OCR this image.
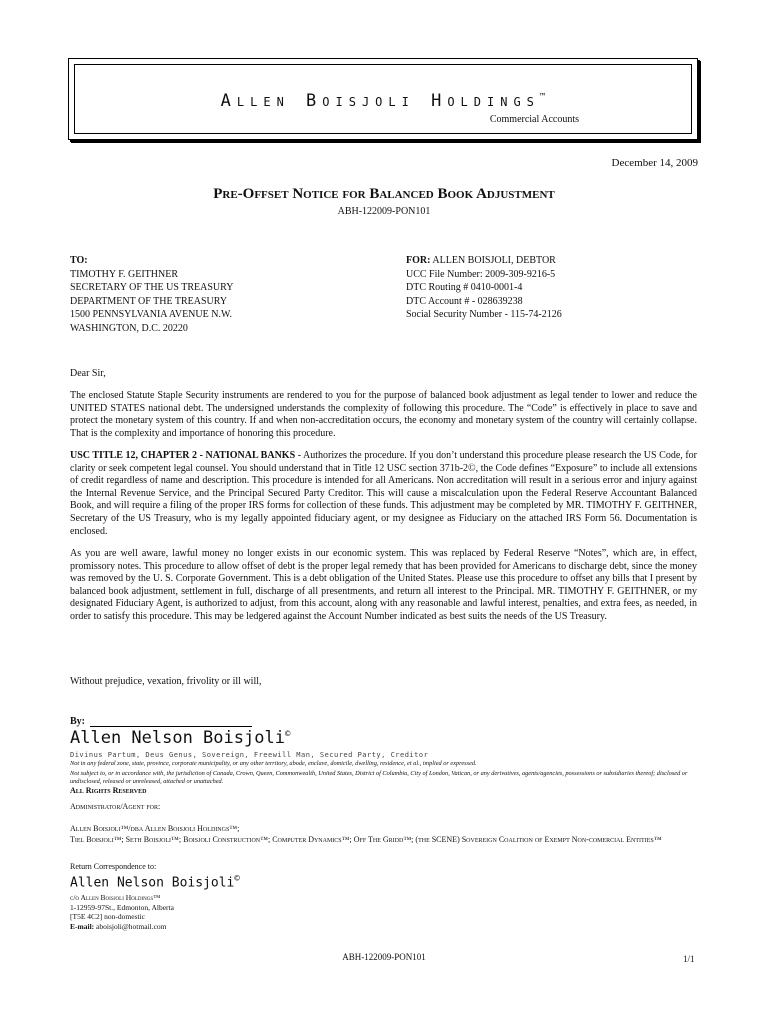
Allen Boisjoli Holdings™
Commercial Accounts
December 14, 2009
Pre-Offset Notice for Balanced Book Adjustment
ABH-122009-PON101
TO:
TIMOTHY F. GEITHNER
SECRETARY OF THE US TREASURY
DEPARTMENT OF THE TREASURY
1500 PENNSYLVANIA AVENUE N.W.
WASHINGTON, D.C. 20220
FOR: ALLEN BOISJOLI, DEBTOR
UCC File Number: 2009-309-9216-5
DTC Routing # 0410-0001-4
DTC Account # - 028639238
Social Security Number - 115-74-2126
Dear Sir,
The enclosed Statute Staple Security instruments are rendered to you for the purpose of balanced book adjustment as legal tender to lower and reduce the UNITED STATES national debt. The undersigned understands the complexity of following this procedure. The “Code” is effectively in place to save and protect the monetary system of this country. If and when non-accreditation occurs, the economy and monetary system of the country will certainly collapse. That is the complexity and importance of honoring this procedure.
USC TITLE 12, CHAPTER 2 - NATIONAL BANKS - Authorizes the procedure. If you don’t understand this procedure please research the US Code, for clarity or seek competent legal counsel. You should understand that in Title 12 USC section 371b-2©, the Code defines “Exposure” to include all extensions of credit regardless of name and description. This procedure is intended for all Americans. Non accreditation will result in a serious error and injury against the Internal Revenue Service, and the Principal Secured Party Creditor. This will cause a miscalculation upon the Federal Reserve Accountant Balanced Book, and will require a filing of the proper IRS forms for collection of these funds. This adjustment may be completed by MR. TIMOTHY F. GEITHNER, Secretary of the US Treasury, who is my legally appointed fiduciary agent, or my designee as Fiduciary on the attached IRS Form 56. Documentation is enclosed.
As you are well aware, lawful money no longer exists in our economic system. This was replaced by Federal Reserve “Notes”, which are, in effect, promissory notes. This procedure to allow offset of debt is the proper legal remedy that has been provided for Americans to discharge debt, since the money was removed by the U. S. Corporate Government. This is a debt obligation of the United States. Please use this procedure to offset any bills that I present by balanced book adjustment, settlement in full, discharge of all presentments, and return all interest to the Principal. MR. TIMOTHY F. GEITHNER, or my designated Fiduciary Agent, is authorized to adjust, from this account, along with any reasonable and lawful interest, penalties, and extra fees, as needed, in order to satisfy this procedure. This may be ledgered against the Account Number indicated as best suits the needs of the US Treasury.
Without prejudice, vexation, frivolity or ill will,
By:
Allen Nelson Boisjoli©
Divinus Partum, Deus Genus, Sovereign, Freewill Man, Secured Party, Creditor
Not in any federal zone, state, province, corporate municipality, or any other territory, abode, enclave, domicile, dwelling, residence, et al., implied or expressed.
Not subject to, or in accordance with, the jurisdiction of Canada, Crown, Queen, Commonwealth, United States, District of Columbia, City of London, Vatican, or any derivatives, agents/agencies, possessions or subsidiaries thereof; disclosed or undisclosed, released or unreleased, attached or unattached.
All Rights Reserved
Administrator/Agent for:
Allen Boisjoli™/dba Allen Boisjoli Holdings™;
Tiel Boisjoli™; Seth Boisjoli™; Boisjoli Construction™; Computer Dynamics™; Off The Gridd™; (the SCENE) Sovereign Coalition of Exempt Non-comercial Entities™
Return Correspondence to:
Allen Nelson Boisjoli©
c/o Allen Boisjoli Holdings™
1-12959-97St., Edmonton, Alberta
[T5E 4C2] non-domestic
E-mail: aboisjoli@hotmail.com
ABH-122009-PON101	1/1
